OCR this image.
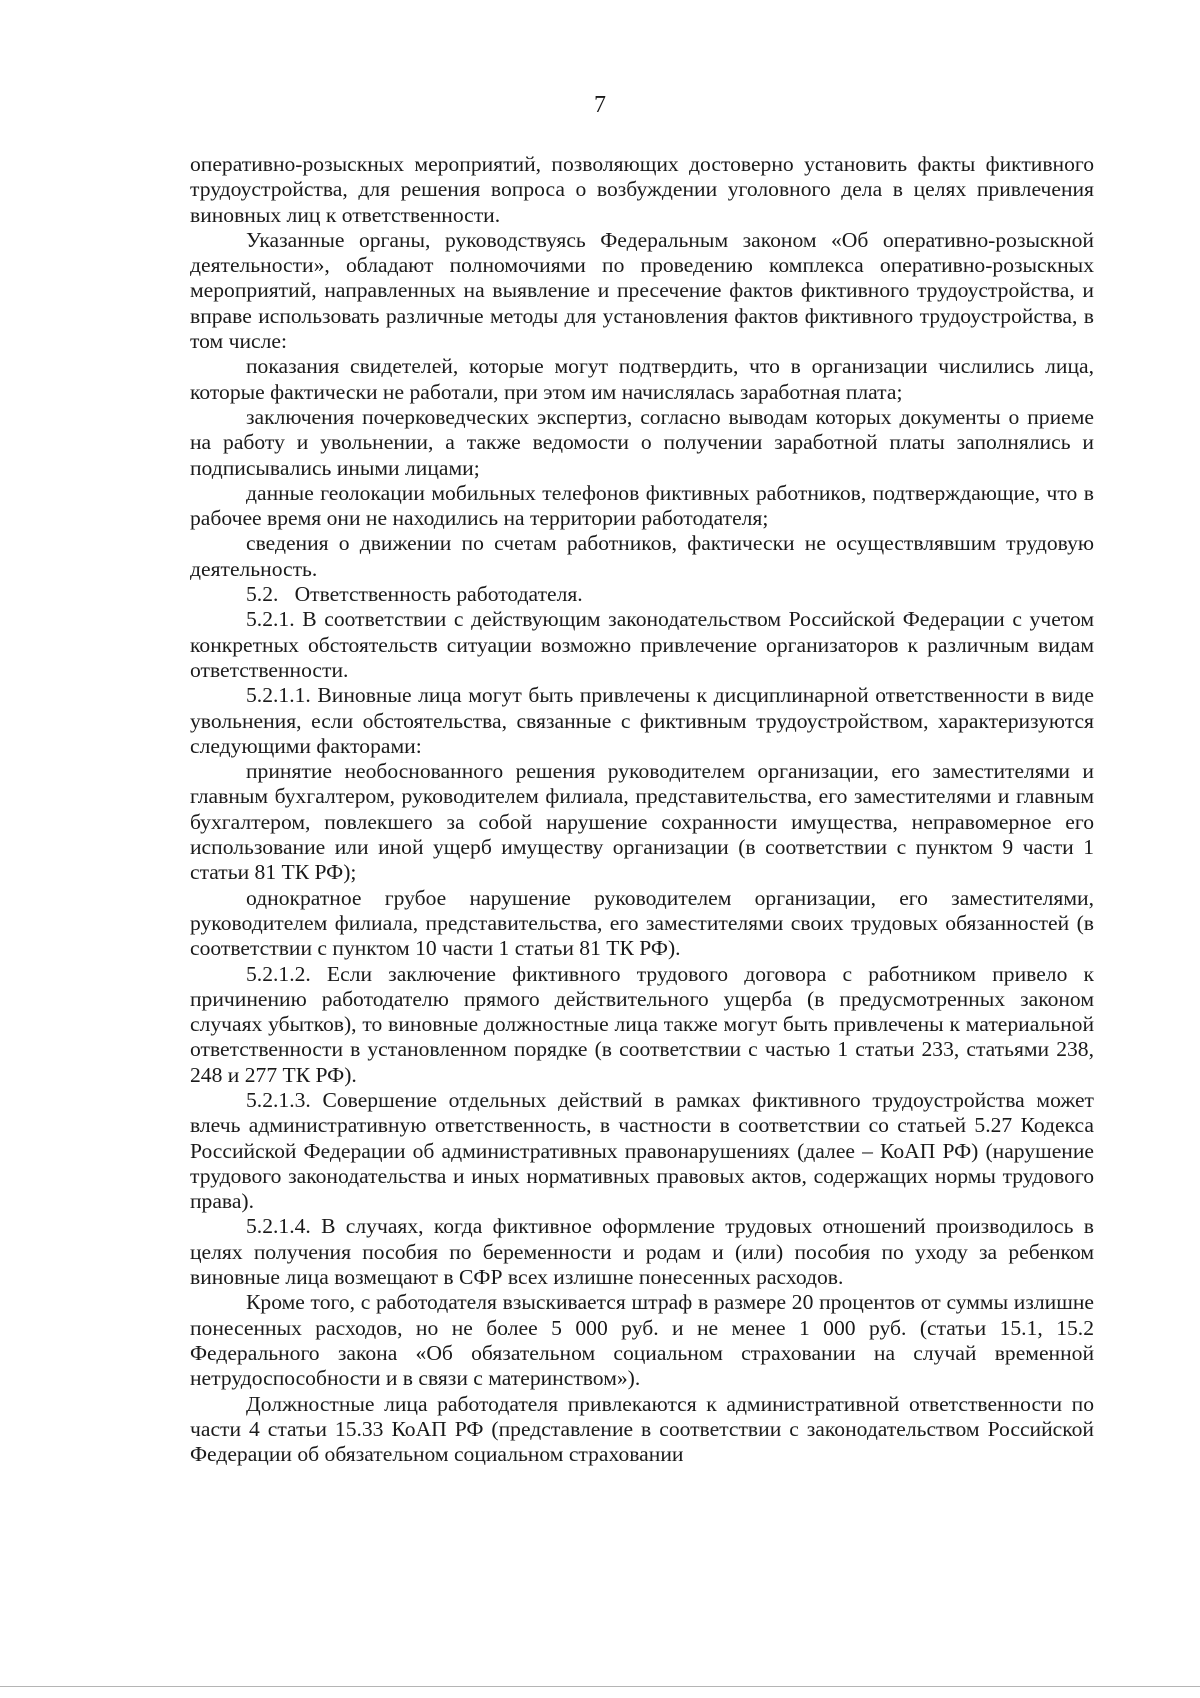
7

оперативно-розыскных мероприятий, позволяющих достоверно установить факты фиктивного трудоустройства, для решения вопроса о возбуждении уголовного дела в целях привлечения виновных лиц к ответственности.

Указанные органы, руководствуясь Федеральным законом «Об оперативно-розыскной деятельности», обладают полномочиями по проведению комплекса оперативно-розыскных мероприятий, направленных на выявление и пресечение фактов фиктивного трудоустройства, и вправе использовать различные методы для установления фактов фиктивного трудоустройства, в том числе:

показания свидетелей, которые могут подтвердить, что в организации числились лица, которые фактически не работали, при этом им начислялась заработная плата;

заключения почерковедческих экспертиз, согласно выводам которых документы о приеме на работу и увольнении, а также ведомости о получении заработной платы заполнялись и подписывались иными лицами;

данные геолокации мобильных телефонов фиктивных работников, подтверждающие, что в рабочее время они не находились на территории работодателя;

сведения о движении по счетам работников, фактически не осуществлявшим трудовую деятельность.

5.2.   Ответственность работодателя.

5.2.1. В соответствии с действующим законодательством Российской Федерации с учетом конкретных обстоятельств ситуации возможно привлечение организаторов к различным видам ответственности.

5.2.1.1. Виновные лица могут быть привлечены к дисциплинарной ответственности в виде увольнения, если обстоятельства, связанные с фиктивным трудоустройством, характеризуются следующими факторами:

принятие необоснованного решения руководителем организации, его заместителями и главным бухгалтером, руководителем филиала, представительства, его заместителями и главным бухгалтером, повлекшего за собой нарушение сохранности имущества, неправомерное его использование или иной ущерб имуществу организации (в соответствии с пунктом 9 части 1 статьи 81 ТК РФ);

однократное грубое нарушение руководителем организации, его заместителями, руководителем филиала, представительства, его заместителями своих трудовых обязанностей (в соответствии с пунктом 10 части 1 статьи 81 ТК РФ).

5.2.1.2. Если заключение фиктивного трудового договора с работником привело к причинению работодателю прямого действительного ущерба (в предусмотренных законом случаях убытков), то виновные должностные лица также могут быть привлечены к материальной ответственности в установленном порядке (в соответствии с частью 1 статьи 233, статьями 238, 248 и 277 ТК РФ).

5.2.1.3. Совершение отдельных действий в рамках фиктивного трудоустройства может влечь административную ответственность, в частности в соответствии со статьей 5.27 Кодекса Российской Федерации об административных правонарушениях (далее – КоАП РФ) (нарушение трудового законодательства и иных нормативных правовых актов, содержащих нормы трудового права).

5.2.1.4. В случаях, когда фиктивное оформление трудовых отношений производилось в целях получения пособия по беременности и родам и (или) пособия по уходу за ребенком виновные лица возмещают в СФР всех излишне понесенных расходов.

Кроме того, с работодателя взыскивается штраф в размере 20 процентов от суммы излишне понесенных расходов, но не более 5 000 руб. и не менее 1 000 руб. (статьи 15.1, 15.2 Федерального закона «Об обязательном социальном страховании на случай временной нетрудоспособности и в связи с материнством»).

Должностные лица работодателя привлекаются к административной ответственности по части 4 статьи 15.33 КоАП РФ (представление в соответствии с законодательством Российской Федерации об обязательном социальном страховании
